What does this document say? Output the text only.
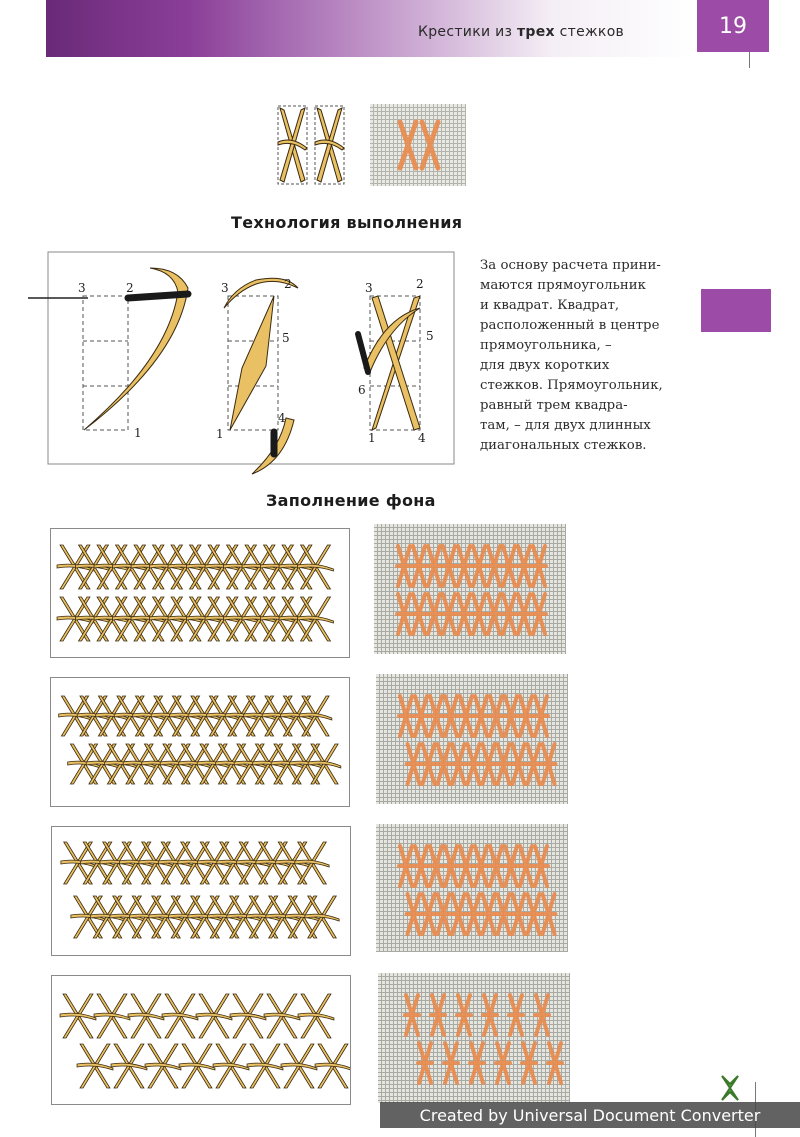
Крестики из трех стежков	19
Технология выполнения
3	2
1
3	2
5
1
4
3	2
5
6
1	4
За основу расчета прини-
маются прямоугольник
и квадрат. Квадрат,
расположенный в центре
прямоугольника, –
для двух коротких
стежков. Прямоугольник,
равный трем квадра-
там, – для двух длинных
диагональных стежков.
Заполнение фона
Created by Universal Document Converter
